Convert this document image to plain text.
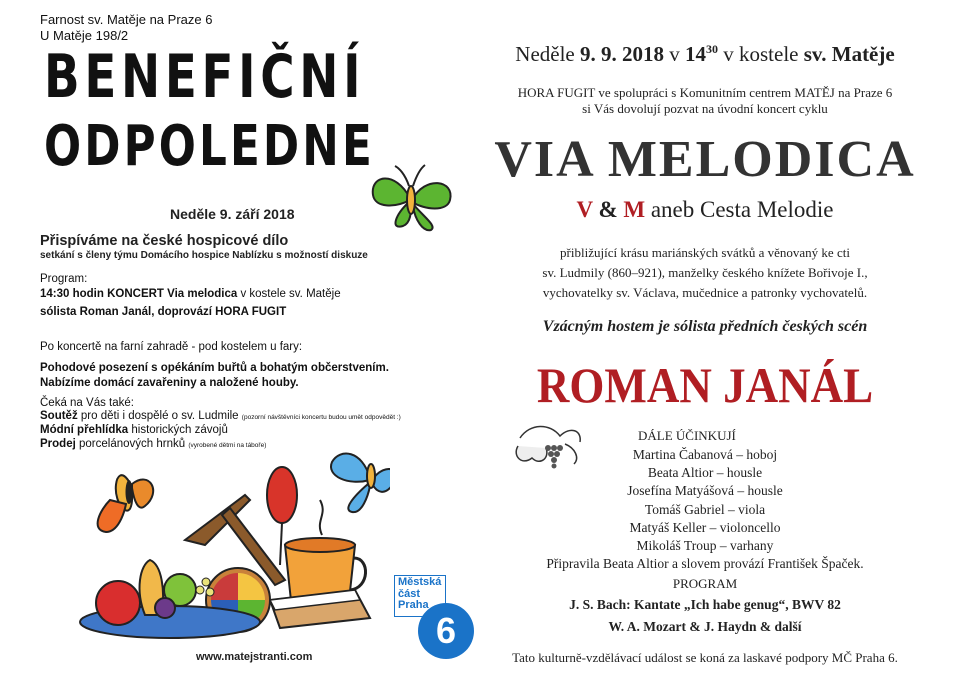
Farnost sv. Matěje na Praze 6
U Matěje 198/2
BENEFIČNÍ
ODPOLEDNE
Neděle 9. září 2018
Přispíváme na české hospicové dílo
setkání s členy týmu Domácího hospice Nablízku s možností diskuze
Program:
14:30 hodin KONCERT Via melodica v kostele sv. Matěje
sólista Roman Janál, doprovází HORA FUGIT
Po koncertě na farní zahradě - pod kostelem u fary:
Pohodové posezení s opékáním buřtů a bohatým občerstvením.
Nabízíme domácí zavařeniny a naložené houby.
Čeká na Vás také:
Soutěž pro děti i dospělé o sv. Ludmile (pozorní návštěvníci koncertu budou umět odpovědět :)
Módní přehlídka historických závojů
Prodej porcelánových hrnků (vyrobené dětmi na táboře)
www.matejstranti.com
Městská
část
Praha
6
Neděle 9. 9. 2018 v $14^{30}$ v kostele sv. Matěje
HORA FUGIT ve spolupráci s Komunitním centrem MATĚJ na Praze 6
si Vás dovolují pozvat na úvodní koncert cyklu
VIA MELODICA
V & M aneb Cesta Melodie
přibližující krásu mariánských svátků a věnovaný ke cti
sv. Ludmily (860–921), manželky českého knížete Bořivoje I.,
vychovatelky sv. Václava, mučednice a patronky vychovatelů.
Vzácným hostem je sólista předních českých scén
ROMAN JANÁL
DÁLE ÚČINKUJÍ
Martina Čabanová – hoboj
Beata Altior – housle
Josefína Matyášová – housle
Tomáš Gabriel – viola
Matyáš Keller – violoncello
Mikoláš Troup – varhany
Připravila Beata Altior a slovem provází František Špaček.
PROGRAM
J. S. Bach: Kantate „Ich habe genug“, BWV 82
W. A. Mozart & J. Haydn & další
Tato kulturně-vzdělávací událost se koná za laskavé podpory MČ Praha 6.
